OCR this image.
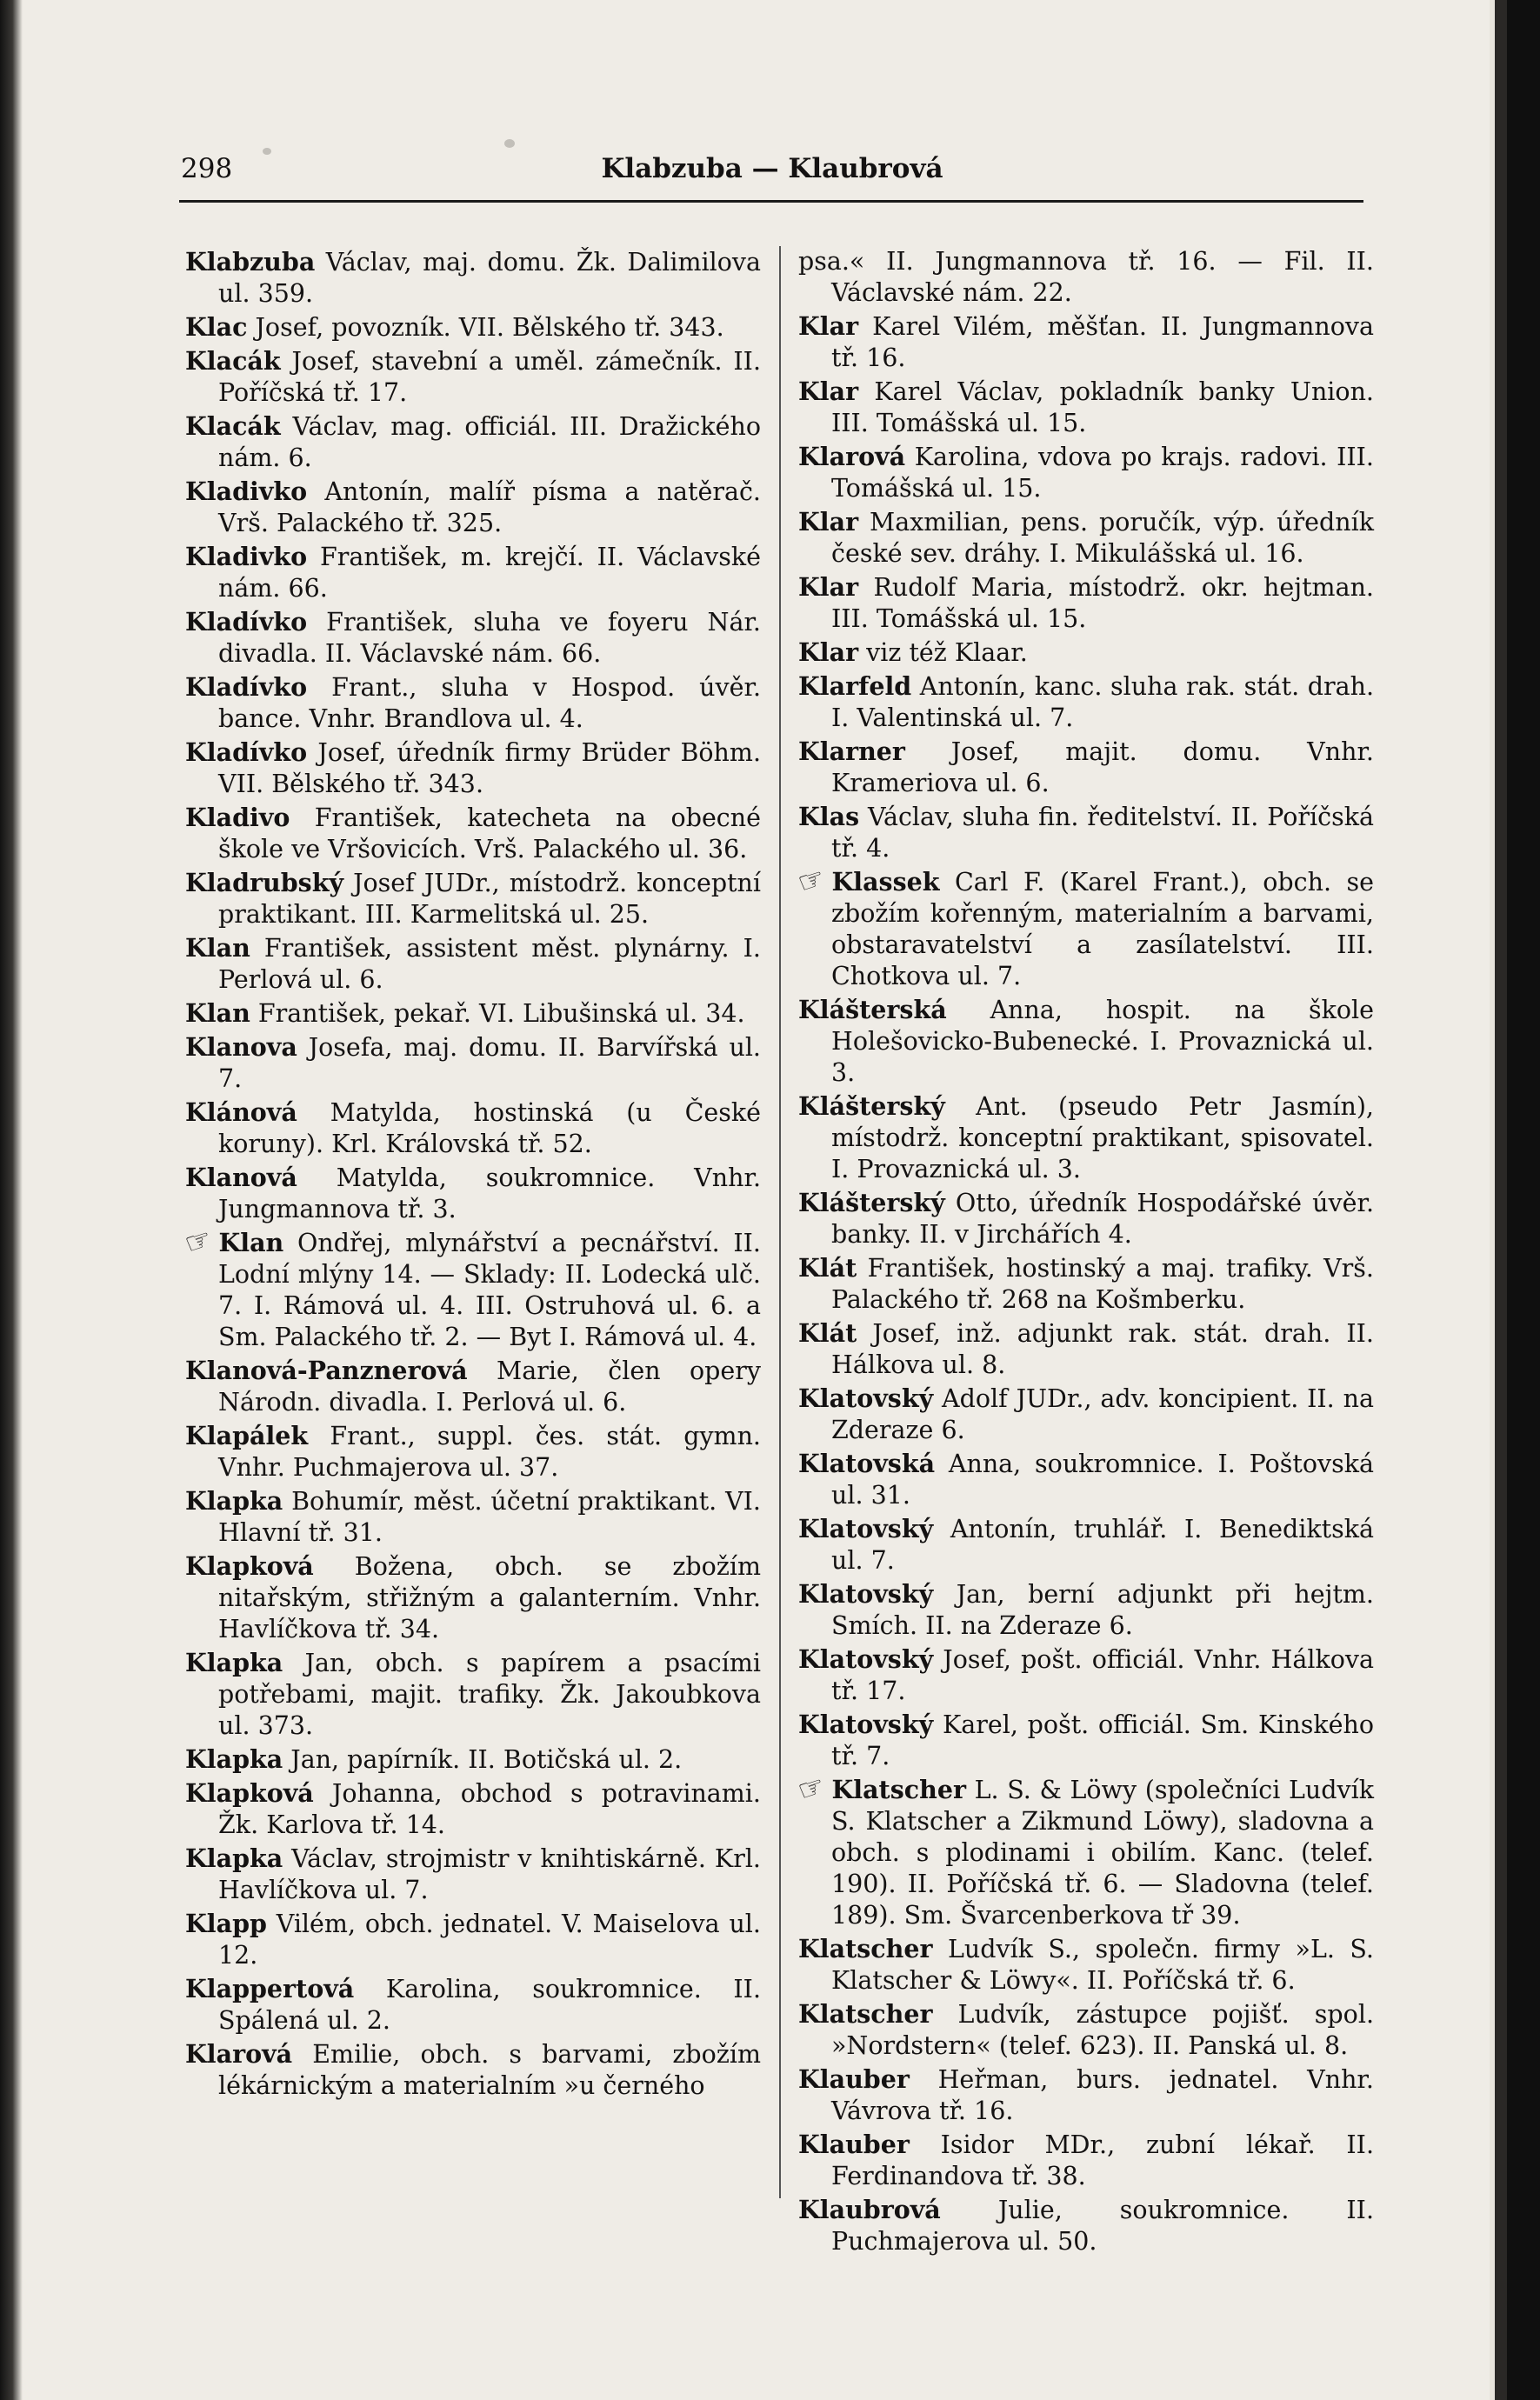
298	Klabzuba — Klaubrová
Klabzuba Václav, maj. domu. Žk. Dalimilova ul. 359.
Klac Josef, povozník. VII. Bělského tř. 343.
Klacák Josef, stavební a uměl. zámečník. II. Poříčská tř. 17.
Klacák Václav, mag. officiál. III. Dražického nám. 6.
Kladivko Antonín, malíř písma a natěrač. Vrš. Palackého tř. 325.
Kladivko František, m. krejčí. II. Václavské nám. 66.
Kladívko František, sluha ve foyeru Nár. divadla. II. Václavské nám. 66.
Kladívko Frant., sluha v Hospod. úvěr. bance. Vnhr. Brandlova ul. 4.
Kladívko Josef, úředník firmy Brüder Böhm. VII. Bělského tř. 343.
Kladivo František, katecheta na obecné škole ve Vršovicích. Vrš. Palackého ul. 36.
Kladrubský Josef JUDr., místodrž. konceptní praktikant. III. Karmelitská ul. 25.
Klan František, assistent měst. plynárny. I. Perlová ul. 6.
Klan František, pekař. VI. Libušinská ul. 34.
Klanova Josefa, maj. domu. II. Barvířská ul. 7.
Klánová Matylda, hostinská (u České koruny). Krl. Královská tř. 52.
Klanová Matylda, soukromnice. Vnhr. Jungmannova tř. 3.
☞Klan Ondřej, mlynářství a pecnářství. II. Lodní mlýny 14. — Sklady: II. Lodecká ulč. 7. I. Rámová ul. 4. III. Ostruhová ul. 6. a Sm. Palackého tř. 2. — Byt I. Rámová ul. 4.
Klanová-Panznerová Marie, člen opery Národn. divadla. I. Perlová ul. 6.
Klapálek Frant., suppl. čes. stát. gymn. Vnhr. Puchmajerova ul. 37.
Klapka Bohumír, měst. účetní praktikant. VI. Hlavní tř. 31.
Klapková Božena, obch. se zbožím nitařským, střižným a galanterním. Vnhr. Havlíčkova tř. 34.
Klapka Jan, obch. s papírem a psacími potřebami, majit. trafiky. Žk. Jakoubkova ul. 373.
Klapka Jan, papírník. II. Botičská ul. 2.
Klapková Johanna, obchod s potravinami. Žk. Karlova tř. 14.
Klapka Václav, strojmistr v knihtiskárně. Krl. Havlíčkova ul. 7.
Klapp Vilém, obch. jednatel. V. Maiselova ul. 12.
Klappertová Karolina, soukromnice. II. Spálená ul. 2.
Klarová Emilie, obch. s barvami, zbožím lékárnickým a materialním »u černého
psa.« II. Jungmannova tř. 16. — Fil. II. Václavské nám. 22.
Klar Karel Vilém, měšťan. II. Jungmannova tř. 16.
Klar Karel Václav, pokladník banky Union. III. Tomášská ul. 15.
Klarová Karolina, vdova po krajs. radovi. III. Tomášská ul. 15.
Klar Maxmilian, pens. poručík, výp. úředník české sev. dráhy. I. Mikulášská ul. 16.
Klar Rudolf Maria, místodrž. okr. hejtman. III. Tomášská ul. 15.
Klar viz též Klaar.
Klarfeld Antonín, kanc. sluha rak. stát. drah. I. Valentinská ul. 7.
Klarner Josef, majit. domu. Vnhr. Krameriova ul. 6.
Klas Václav, sluha fin. ředitelství. II. Poříčská tř. 4.
☞Klassek Carl F. (Karel Frant.), obch. se zbožím kořenným, materialním a barvami, obstaravatelství a zasílatelství. III. Chotkova ul. 7.
Klášterská Anna, hospit. na škole Holešovicko-Bubenecké. I. Provaznická ul. 3.
Klášterský Ant. (pseudo Petr Jasmín), místodrž. konceptní praktikant, spisovatel. I. Provaznická ul. 3.
Klášterský Otto, úředník Hospodářské úvěr. banky. II. v Jirchářích 4.
Klát František, hostinský a maj. trafiky. Vrš. Palackého tř. 268 na Košmberku.
Klát Josef, inž. adjunkt rak. stát. drah. II. Hálkova ul. 8.
Klatovský Adolf JUDr., adv. koncipient. II. na Zderaze 6.
Klatovská Anna, soukromnice. I. Poštovská ul. 31.
Klatovský Antonín, truhlář. I. Benediktská ul. 7.
Klatovský Jan, berní adjunkt při hejtm. Smích. II. na Zderaze 6.
Klatovský Josef, pošt. officiál. Vnhr. Hálkova tř. 17.
Klatovský Karel, pošt. officiál. Sm. Kinského tř. 7.
☞Klatscher L. S. & Löwy (společníci Ludvík S. Klatscher a Zikmund Löwy), sladovna a obch. s plodinami i obilím. Kanc. (telef. 190). II. Poříčská tř. 6. — Sladovna (telef. 189). Sm. Švarcenberkova tř 39.
Klatscher Ludvík S., společn. firmy »L. S. Klatscher & Löwy«. II. Poříčská tř. 6.
Klatscher Ludvík, zástupce pojišť. spol. »Nordstern« (telef. 623). II. Panská ul. 8.
Klauber Heřman, burs. jednatel. Vnhr. Vávrova tř. 16.
Klauber Isidor MDr., zubní lékař. II. Ferdinandova tř. 38.
Klaubrová Julie, soukromnice. II. Puchmajerova ul. 50.
